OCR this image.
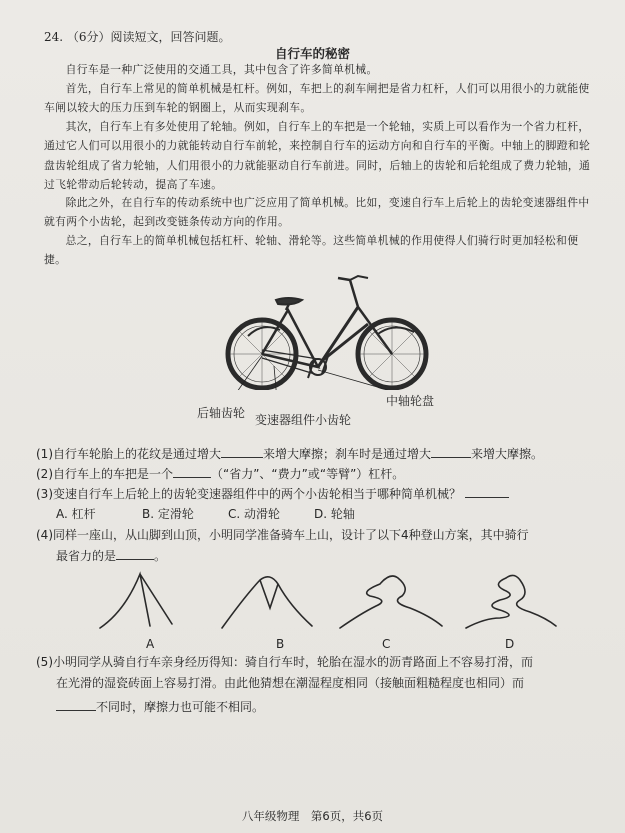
24. （6分）阅读短文，回答问题。
自行车的秘密
自行车是一种广泛使用的交通工具，其中包含了许多简单机械。
首先，自行车上常见的简单机械是杠杆。例如，车把上的刹车闸把是省力杠杆，人们可以用很小的力就能使车闸以较大的压力压到车轮的钢圈上，从而实现刹车。
其次，自行车上有多处使用了轮轴。例如，自行车上的车把是一个轮轴，实质上可以看作为一个省力杠杆，通过它人们可以用很小的力就能转动自行车前轮，来控制自行车的运动方向和自行车的平衡。中轴上的脚蹬和轮盘齿轮组成了省力轮轴，人们用很小的力就能驱动自行车前进。同时，后轴上的齿轮和后轮组成了费力轮轴，通过飞轮带动后轮转动，提高了车速。
除此之外，在自行车的传动系统中也广泛应用了简单机械。比如，变速自行车上后轮上的齿轮变速器组件中就有两个小齿轮，起到改变链条传动方向的作用。
总之，自行车上的简单机械包括杠杆、轮轴、滑轮等。这些简单机械的作用使得人们骑行时更加轻松和便捷。
中轴轮盘
后轴齿轮 变速器组件小齿轮
(1)自行车轮胎上的花纹是通过增大	来增大摩擦；刹车时是通过增大	来增大摩擦。
(2)自行车上的车把是一个	（“省力”、“费力”或“等臂”）杠杆。
(3)变速自行车上后轮上的齿轮变速器组件中的两个小齿轮相当于哪种简单机械？
A. 杠杆	B. 定滑轮	C. 动滑轮	D. 轮轴
(4)同样一座山，从山脚到山顶，小明同学准备骑车上山，设计了以下4种登山方案，其中骑行
最省力的是	。
A	B	C	D
(5)小明同学从骑自行车亲身经历得知：骑自行车时，轮胎在湿水的沥青路面上不容易打滑，而
在光滑的湿瓷砖面上容易打滑。由此他猜想在潮湿程度相同（接触面粗糙程度也相同）而
不同时，摩擦力也可能不相同。
八年级物理　第6页，共6页
